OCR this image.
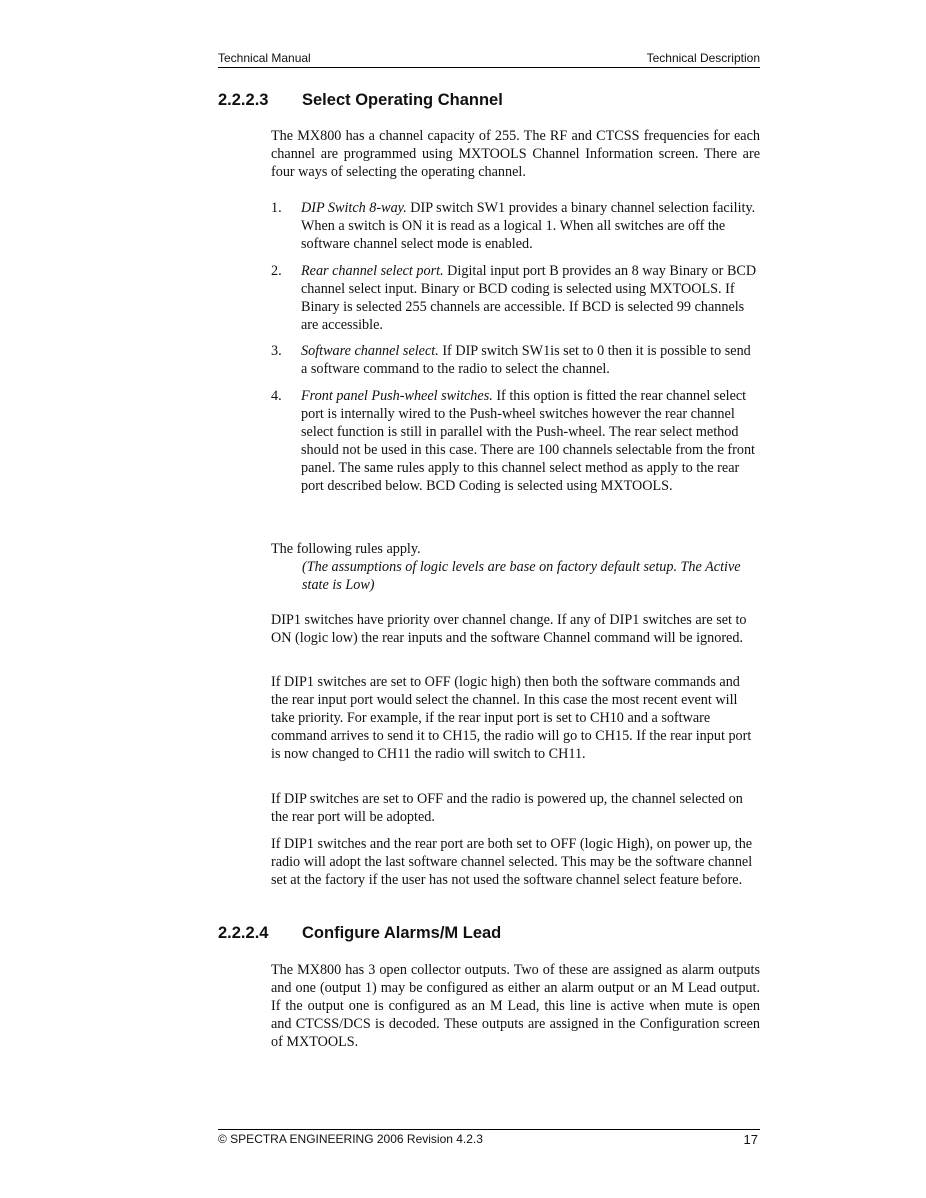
Technical Manual	Technical Description
2.2.2.3 Select Operating Channel

The MX800 has a channel capacity of 255. The RF and CTCSS frequencies for each channel are programmed using MXTOOLS Channel Information screen. There are four ways of selecting the operating channel.

1. DIP Switch 8-way. DIP switch SW1 provides a binary channel selection facility. When a switch is ON it is read as a logical 1. When all switches are off the software channel select mode is enabled.
2. Rear channel select port. Digital input port B provides an 8 way Binary or BCD channel select input. Binary or BCD coding is selected using MXTOOLS. If Binary is selected 255 channels are accessible. If BCD is selected 99 channels are accessible.
3. Software channel select. If DIP switch SW1is set to 0 then it is possible to send a software command to the radio to select the channel.
4. Front panel Push-wheel switches. If this option is fitted the rear channel select port is internally wired to the Push-wheel switches however the rear channel select function is still in parallel with the Push-wheel. The rear select method should not be used in this case. There are 100 channels selectable from the front panel. The same rules apply to this channel select method as apply to the rear port described below. BCD Coding is selected using MXTOOLS.

The following rules apply.

(The assumptions of logic levels are base on factory default setup. The Active state is Low)

DIP1 switches have priority over channel change. If any of DIP1 switches are set to ON (logic low) the rear inputs and the software Channel command will be ignored.

If DIP1 switches are set to OFF (logic high) then both the software commands and the rear input port would select the channel. In this case the most recent event will take priority. For example, if the rear input port is set to CH10 and a software command arrives to send it to CH15, the radio will go to CH15. If the rear input port is now changed to CH11 the radio will switch to CH11.

If DIP switches are set to OFF and the radio is powered up, the channel selected on the rear port will be adopted.

If DIP1 switches and the rear port are both set to OFF (logic High), on power up, the radio will adopt the last software channel selected. This may be the software channel set at the factory if the user has not used the software channel select feature before.

2.2.2.4 Configure Alarms/M Lead

The MX800 has 3 open collector outputs. Two of these are assigned as alarm outputs and one (output 1) may be configured as either an alarm output or an M Lead output. If the output one is configured as an M Lead, this line is active when mute is open and CTCSS/DCS is decoded. These outputs are assigned in the Configuration screen of MXTOOLS.

© SPECTRA ENGINEERING 2006 Revision 4.2.3	17
